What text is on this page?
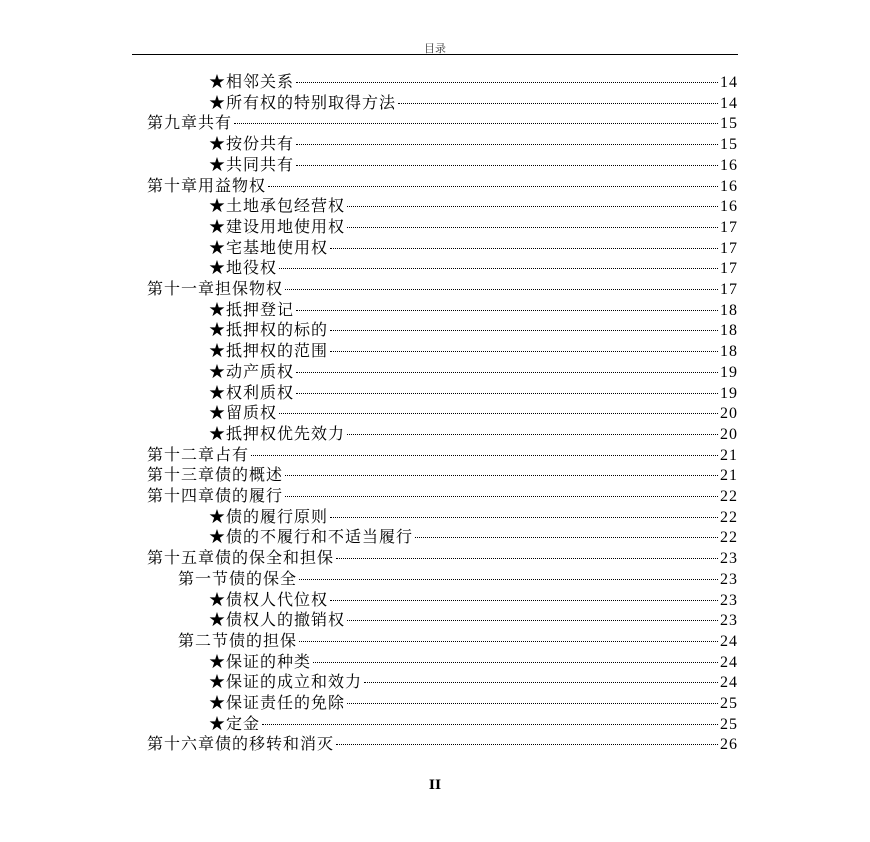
目录
★相邻关系	14
★所有权的特别取得方法	14
第九章共有	15
★按份共有	15
★共同共有	16
第十章用益物权	16
★土地承包经营权	16
★建设用地使用权	17
★宅基地使用权	17
★地役权	17
第十一章担保物权	17
★抵押登记	18
★抵押权的标的	18
★抵押权的范围	18
★动产质权	19
★权利质权	19
★留质权	20
★抵押权优先效力	20
第十二章占有	21
第十三章债的概述	21
第十四章债的履行	22
★债的履行原则	22
★债的不履行和不适当履行	22
第十五章债的保全和担保	23
第一节债的保全	23
★债权人代位权	23
★债权人的撤销权	23
第二节债的担保	24
★保证的种类	24
★保证的成立和效力	24
★保证责任的免除	25
★定金	25
第十六章债的移转和消灭	26
II
